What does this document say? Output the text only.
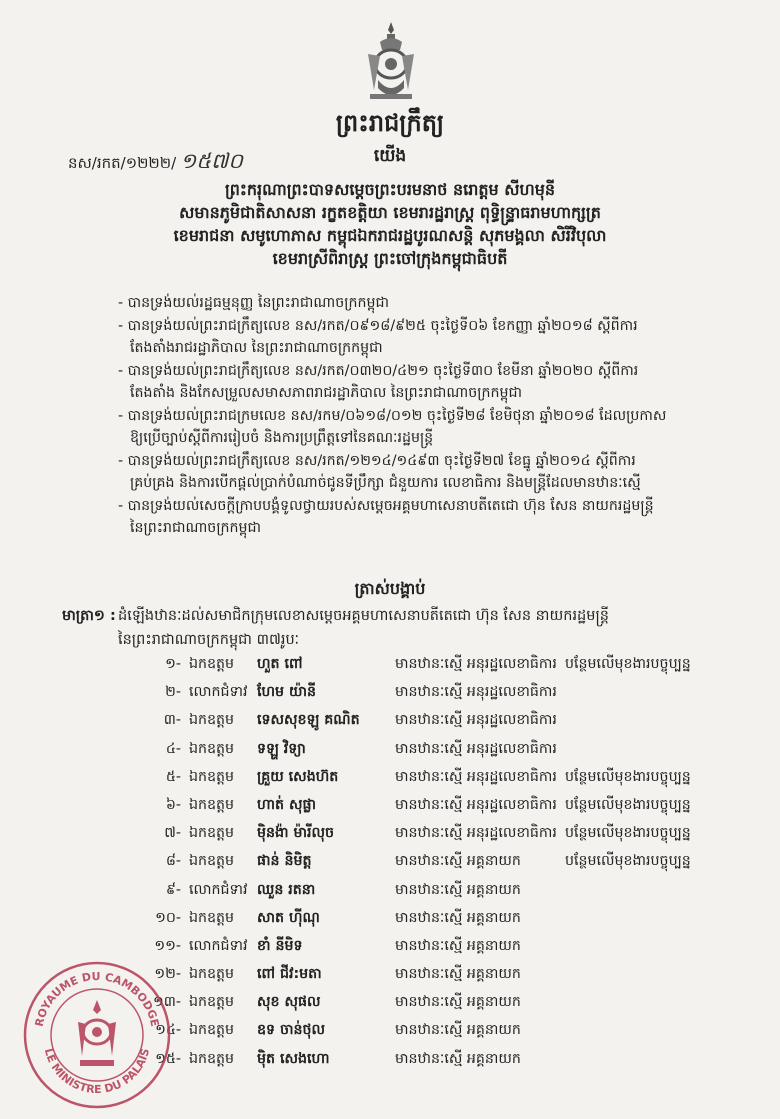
ព្រះរាជក្រឹត្យ
នស/រកត/១២២២/ ១៥៧០	យើង
ព្រះករុណាព្រះបាទសម្តេចព្រះបរមនាថ នរោត្តម សីហមុនី
សមានភូមិជាតិសាសនា រក្ខតខត្តិយា ខេមរារដ្ឋរាស្ត្រ ពុទ្ធិន្ទ្រាធរាមហាក្សត្រ
ខេមរាជនា សមូហោភាស កម្ពុជឯករាជរដ្ឋបូរណសន្តិ សុភមង្គលា សិរីវិបុលា
ខេមរាស្រីពិរាស្ត្រ ព្រះចៅក្រុងកម្ពុជាធិបតី

- បានទ្រង់យល់រដ្ឋធម្មនុញ្ញ នៃព្រះរាជាណាចក្រកម្ពុជា

- បានទ្រង់យល់ព្រះរាជក្រឹត្យលេខ នស/រកត/០៩១៨/៩២៥ ចុះថ្ងៃទី០៦ ខែកញ្ញា ឆ្នាំ២០១៨ ស្តីពីការ

តែងតាំងរាជរដ្ឋាភិបាល នៃព្រះរាជាណាចក្រកម្ពុជា

- បានទ្រង់យល់ព្រះរាជក្រឹត្យលេខ នស/រកត/០៣២០/៤២១ ចុះថ្ងៃទី៣០ ខែមីនា ឆ្នាំ២០២០ ស្តីពីការ

តែងតាំង និងកែសម្រួលសមាសភាពរាជរដ្ឋាភិបាល នៃព្រះរាជាណាចក្រកម្ពុជា

- បានទ្រង់យល់ព្រះរាជក្រមលេខ នស/រកម/០៦១៨/០១២ ចុះថ្ងៃទី២៨ ខែមិថុនា ឆ្នាំ២០១៨ ដែលប្រកាស

ឱ្យប្រើច្បាប់ស្តីពីការរៀបចំ និងការប្រព្រឹត្តទៅនៃគណៈរដ្ឋមន្ត្រី

- បានទ្រង់យល់ព្រះរាជក្រឹត្យលេខ នស/រកត/១២១៤/១៤៩៣ ចុះថ្ងៃទី២៧ ខែធ្នូ ឆ្នាំ២០១៤ ស្តីពីការ

គ្រប់គ្រង និងការបើកផ្តល់ប្រាក់បំណាច់ជូនទីប្រឹក្សា ជំនួយការ លេខាធិការ និងមន្ត្រីដែលមានឋានៈស្មើ

- បានទ្រង់យល់សេចក្តីក្រាបបង្គំទូលថ្វាយរបស់សម្តេចអគ្គមហាសេនាបតីតេជោ ហ៊ុន សែន នាយករដ្ឋមន្ត្រី

នៃព្រះរាជាណាចក្រកម្ពុជា

ត្រាស់បង្គាប់
មាត្រា១ : ដំឡើងឋានៈដល់សមាជិកក្រុមលេខាសម្តេចអគ្គមហាសេនាបតីតេជោ ហ៊ុន សែន នាយករដ្ឋមន្ត្រី
នៃព្រះរាជាណាចក្រកម្ពុជា ៣៧រូបៈ
១- ឯកឧត្តម ហួត ពៅ	មានឋានៈស្មើ អនុរដ្ឋលេខាធិការ បន្ថែមលើមុខងារបច្ចុប្បន្ន
២- លោកជំទាវ ហែម យ៉ានី	មានឋានៈស្មើ អនុរដ្ឋលេខាធិការ
៣- ឯកឧត្តម ទេសសុខឡូ គណិត មានឋានៈស្មើ អនុរដ្ឋលេខាធិការ
៤- ឯកឧត្តម ទឡ្ហ វិទ្យា	មានឋានៈស្មើ អនុរដ្ឋលេខាធិការ
៥- ឯកឧត្តម គ្រួយ សេងហ៊ត	មានឋានៈស្មើ អនុរដ្ឋលេខាធិការ បន្ថែមលើមុខងារបច្ចុប្បន្ន
៦- ឯកឧត្តម ហាត់ សុផ្លា	មានឋានៈស្មើ អនុរដ្ឋលេខាធិការ បន្ថែមលើមុខងារបច្ចុប្បន្ន
៧- ឯកឧត្តម ម៉ិនង៉ា ម៉ារីលុច	មានឋានៈស្មើ អនុរដ្ឋលេខាធិការ បន្ថែមលើមុខងារបច្ចុប្បន្ន
៨- ឯកឧត្តម ផាន់ និមិត្ត	មានឋានៈស្មើ អគ្គនាយក	បន្ថែមលើមុខងារបច្ចុប្បន្ន
៩- លោកជំទាវ ឈួន រតនា	មានឋានៈស្មើ អគ្គនាយក
១០- ឯកឧត្តម សាត ហ៊ីណុ	មានឋានៈស្មើ អគ្គនាយក
១១- លោកជំទាវ ខាំ នីមិទ	មានឋានៈស្មើ អគ្គនាយក
១២- ឯកឧត្តម ពៅ ជីវ:មតា	មានឋានៈស្មើ អគ្គនាយក
១៣- ឯកឧត្តម សុខ សុផល	មានឋានៈស្មើ អគ្គនាយក
១៤- ឯកឧត្តម ឧទ ចាន់ថុល	មានឋានៈស្មើ អគ្គនាយក
១៥- ឯកឧត្តម ម៉ិត សេងហោ	មានឋានៈស្មើ អគ្គនាយក
ROYAUME DU CAMBODGE
LE MINISTRE DU PALAIS
